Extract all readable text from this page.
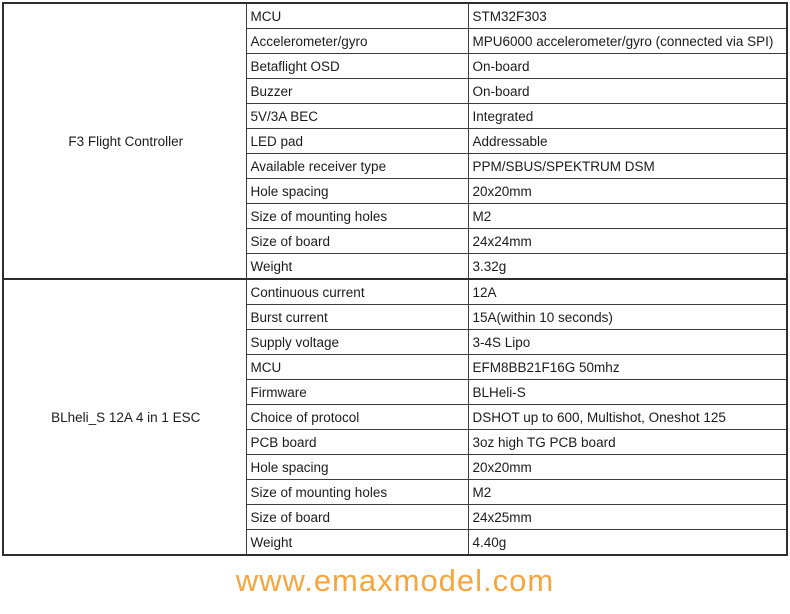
F3 Flight Controller	MCU	STM32F303
	Accelerometer/gyro	MPU6000 accelerometer/gyro (connected via SPI)
	Betaflight OSD	On-board
	Buzzer	On-board
	5V/3A BEC	Integrated
	LED pad	Addressable
	Available receiver type	PPM/SBUS/SPEKTRUM DSM
	Hole spacing	20x20mm
	Size of mounting holes	M2
	Size of board	24x24mm
	Weight	3.32g
BLheli_S 12A 4 in 1 ESC	Continuous current	12A
	Burst current	15A(within 10 seconds)
	Supply voltage	3-4S Lipo
	MCU	EFM8BB21F16G 50mhz
	Firmware	BLHeli-S
	Choice of protocol	DSHOT up to 600, Multishot, Oneshot 125
	PCB board	3oz high TG PCB board
	Hole spacing	20x20mm
	Size of mounting holes	M2
	Size of board	24x25mm
	Weight	4.40g
www.emaxmodel.com
